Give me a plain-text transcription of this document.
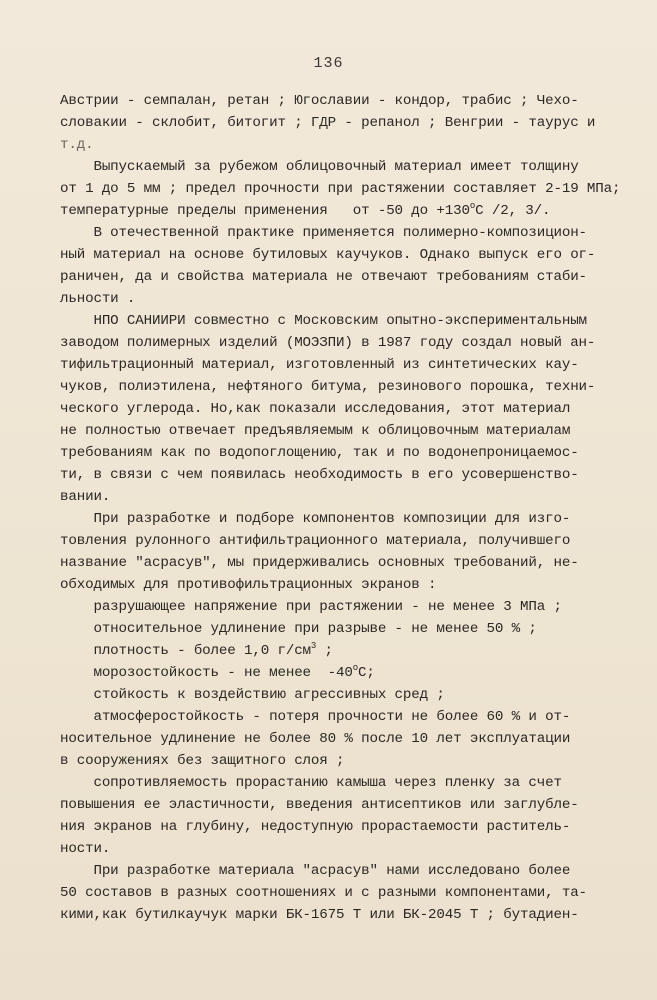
136
Австрии - семпалан, ретан ; Югославии - кондор, трабис ; Чехо-
словакии - склобит, битогит ; ГДР - репанол ; Венгрии - таурус и
т.д.
Выпускаемый за рубежом облицовочный материал имеет толщину
от 1 до 5 мм ; предел прочности при растяжении составляет 2-19 МПа;
температурные пределы применения   от -50 до $+130^oC$ /2, 3/.
В отечественной практике применяется полимерно-композицион-
ный материал на основе бутиловых каучуков. Однако выпуск его ог-
раничен, да и свойства материала не отвечают требованиям стаби-
льности .
НПО САНИИРИ совместно с Московским опытно-экспериментальным
заводом полимерных изделий (МОЭЗПИ) в 1987 году создал новый ан-
тифильтрационный материал, изготовленный из синтетических кау-
чуков, полиэтилена, нефтяного битума, резинового порошка, техни-
ческого углерода. Но,как показали исследования, этот материал
не полностью отвечает предъявляемым к облицовочным материалам
требованиям как по водопоглощению, так и по водонепроницаемос-
ти, в связи с чем появилась необходимость в его усовершенство-
вании.
При разработке и подборе компонентов композиции для изго-
товления рулонного антифильтрационного материала, получившего
название "асрасув", мы придерживались основных требований, не-
обходимых для противофильтрационных экранов :
разрушающее напряжение при растяжении - не менее 3 МПа ;
относительное удлинение при разрыве - не менее 50 % ;
плотность - более 1,0 $г/см^3$ ;
морозостойкость - не менее  -40$^o$C;
стойкость к воздействию агрессивных сред ;
атмосферостойкость - потеря прочности не более 60 % и от-
носительное удлинение не более 80 % после 10 лет эксплуатации
в сооружениях без защитного слоя ;
сопротивляемость прорастанию камыша через пленку за счет
повышения ее эластичности, введения антисептиков или заглубле-
ния экранов на глубину, недоступную прорастаемости раститель-
ности.
При разработке материала "асрасув" нами исследовано более
50 составов в разных соотношениях и с разными компонентами, та-
кими,как бутилкаучук марки БК-1675 Т или БК-2045 Т ; бутадиен-
